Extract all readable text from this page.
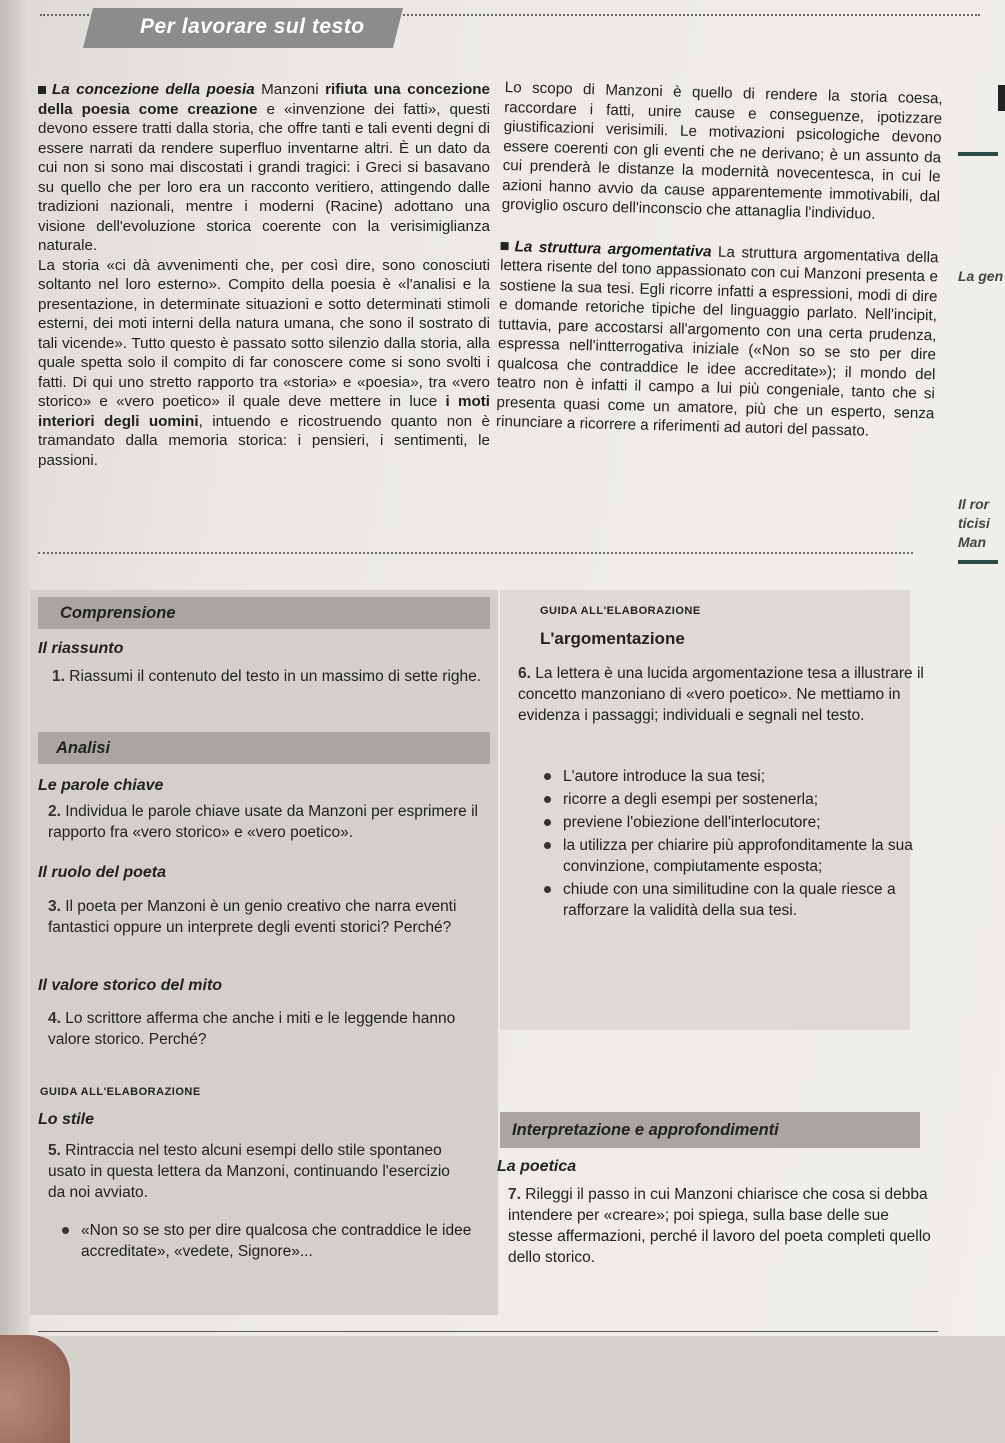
Per lavorare sul testo

La concezione della poesia Manzoni rifiuta una concezione della poesia come creazione e «invenzione dei fatti», questi devono essere tratti dalla storia, che offre tanti e tali eventi degni di essere narrati da rendere superfluo inventarne altri. È un dato da cui non si sono mai discostati i grandi tragici: i Greci si basavano su quello che per loro era un racconto veritiero, attingendo dalle tradizioni nazionali, mentre i moderni (Racine) adottano una visione dell'evoluzione storica coerente con la verisimiglianza naturale.

La storia «ci dà avvenimenti che, per così dire, sono conosciuti soltanto nel loro esterno». Compito della poesia è «l'analisi e la presentazione, in determinate situazioni e sotto determinati stimoli esterni, dei moti interni della natura umana, che sono il sostrato di tali vicende». Tutto questo è passato sotto silenzio dalla storia, alla quale spetta solo il compito di far conoscere come si sono svolti i fatti. Di qui uno stretto rapporto tra «storia» e «poesia», tra «vero storico» e «vero poetico» il quale deve mettere in luce i moti interiori degli uomini, intuendo e ricostruendo quanto non è tramandato dalla memoria storica: i pensieri, i sentimenti, le passioni.

Lo scopo di Manzoni è quello di rendere la storia coesa, raccordare i fatti, unire cause e conseguenze, ipotizzare giustificazioni verisimili. Le motivazioni psicologiche devono essere coerenti con gli eventi che ne derivano; è un assunto da cui prenderà le distanze la modernità novecentesca, in cui le azioni hanno avvio da cause apparentemente immotivabili, dal groviglio oscuro dell'inconscio che attanaglia l'individuo.

La struttura argomentativa La struttura argomentativa della lettera risente del tono appassionato con cui Manzoni presenta e sostiene la sua tesi. Egli ricorre infatti a espressioni, modi di dire e domande retoriche tipiche del linguaggio parlato. Nell'incipit, tuttavia, pare accostarsi all'argomento con una certa prudenza, espressa nell'intterrogativa iniziale («Non so se sto per dire qualcosa che contraddice le idee accreditate»); il mondo del teatro non è infatti il campo a lui più congeniale, tanto che si presenta quasi come un amatore, più che un esperto, senza rinunciare a ricorrere a riferimenti ad autori del passato.

La gen
Il ror
ticisi
Man
Comprensione
Il riassunto
1. Riassumi il contenuto del testo in un massimo di sette righe.
Analisi
Le parole chiave
2. Individua le parole chiave usate da Manzoni per esprimere il rapporto fra «vero storico» e «vero poetico».
Il ruolo del poeta
3. Il poeta per Manzoni è un genio creativo che narra eventi fantastici oppure un interprete degli eventi storici? Perché?
Il valore storico del mito
4. Lo scrittore afferma che anche i miti e le leggende hanno valore storico. Perché?
GUIDA ALL'ELABORAZIONE
Lo stile
5. Rintraccia nel testo alcuni esempi dello stile spontaneo usato in questa lettera da Manzoni, continuando l'esercizio da noi avviato.
«Non so se sto per dire qualcosa che contraddice le idee accreditate», «vedete, Signore»...
GUIDA ALL'ELABORAZIONE
L'argomentazione
6. La lettera è una lucida argomentazione tesa a illustrare il concetto manzoniano di «vero poetico». Ne mettiamo in evidenza i passaggi; individuali e segnali nel testo.
L'autore introduce la sua tesi;
ricorre a degli esempi per sostenerla;
previene l'obiezione dell'interlocutore;
la utilizza per chiarire più approfonditamente la sua convinzione, compiutamente esposta;
chiude con una similitudine con la quale riesce a rafforzare la validità della sua tesi.
Interpretazione e approfondimenti
La poetica
7. Rileggi il passo in cui Manzoni chiarisce che cosa si debba intendere per «creare»; poi spiega, sulla base delle sue stesse affermazioni, perché il lavoro del poeta completi quello dello storico.
